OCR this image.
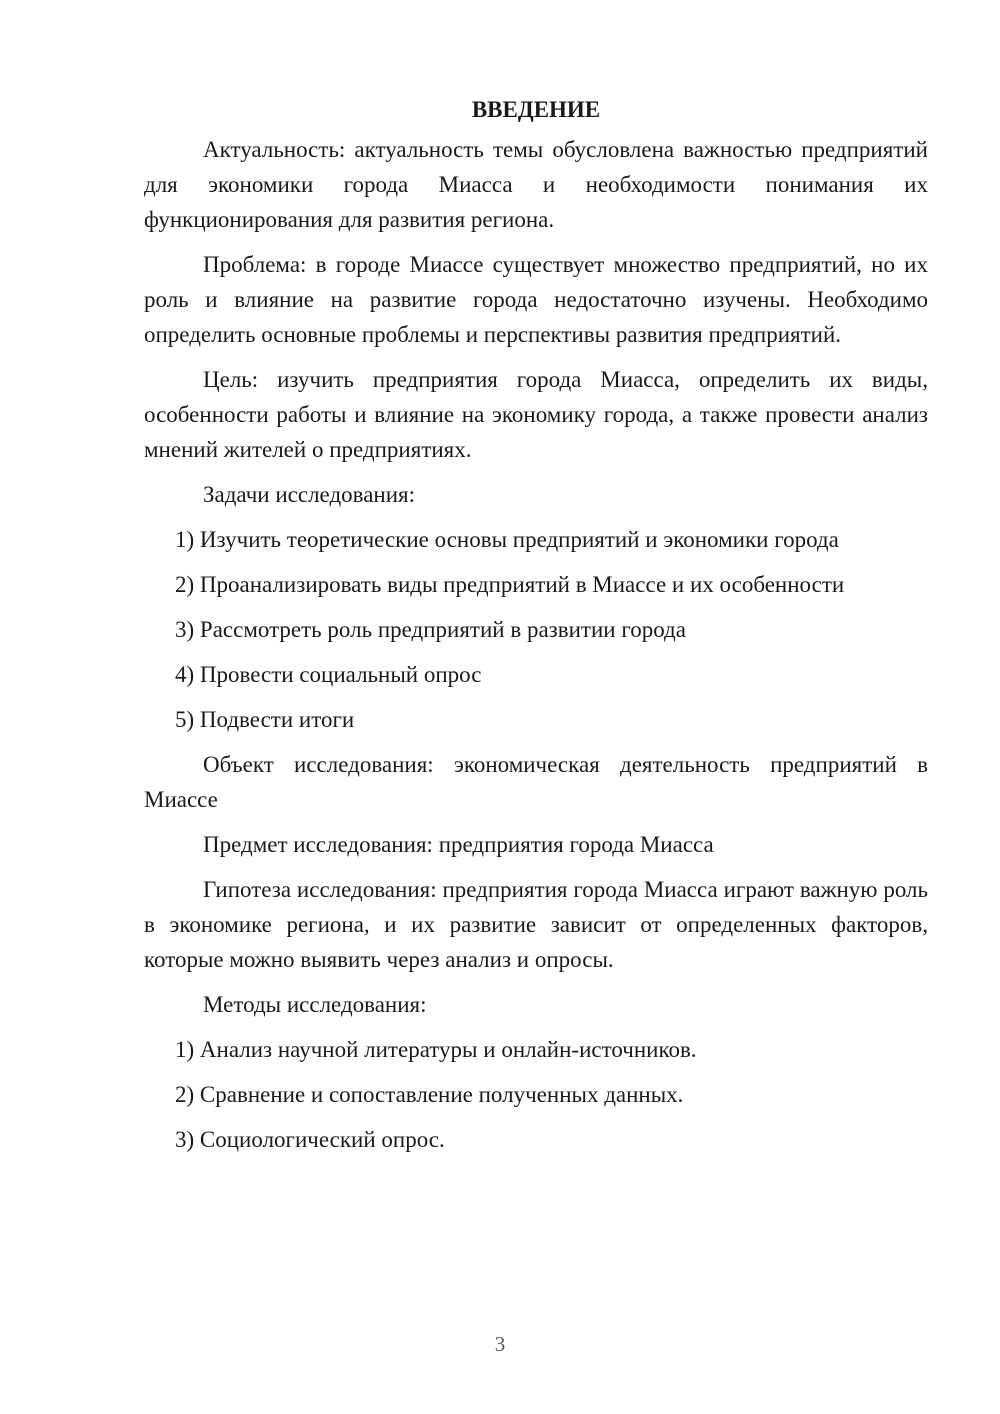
ВВЕДЕНИЕ

Актуальность: актуальность темы обусловлена важностью предприятий для экономики города Миасса и необходимости понимания их функционирования для развития региона.

Проблема: в городе Миассе существует множество предприятий, но их роль и влияние на развитие города недостаточно изучены. Необходимо определить основные проблемы и перспективы развития предприятий.

Цель: изучить предприятия города Миасса, определить их виды, особенности работы и влияние на экономику города, а также провести анализ мнений жителей о предприятиях.

Задачи исследования:

1) Изучить теоретические основы предприятий и экономики города
2) Проанализировать виды предприятий в Миассе и их особенности
3) Рассмотреть роль предприятий в развитии города
4) Провести социальный опрос
5) Подвести итоги

Объект исследования: экономическая деятельность предприятий в Миассе

Предмет исследования: предприятия города Миасса

Гипотеза исследования: предприятия города Миасса играют важную роль в экономике региона, и их развитие зависит от определенных факторов, которые можно выявить через анализ и опросы.

Методы исследования:

1) Анализ научной литературы и онлайн-источников.
2) Сравнение и сопоставление полученных данных.
3) Социологический опрос.
3
